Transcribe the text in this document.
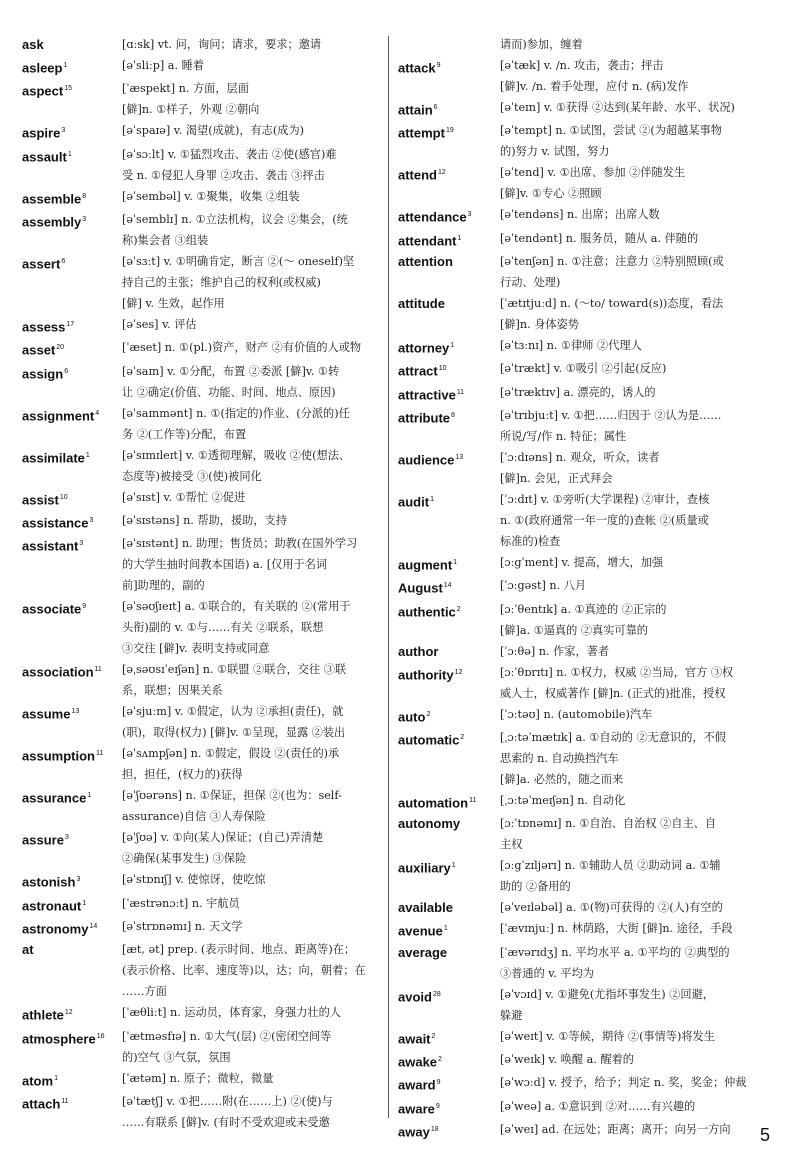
ask	[ɑːsk] vt. 问，询问；请求，要求；邀请
asleep$^1$	[əˈsliːp] a. 睡着
aspect$^{15}$	[ˈæspekt] n. 方面，层面
[僻]n. ①样子，外观 ②朝向
aspire$^3$	[əˈspaɪə] v. 渴望(成就)，有志(成为)
assault$^1$	[əˈsɔːlt] v. ①猛烈攻击、袭击 ②使(感官)难
受 n. ①侵犯人身罪 ②攻击、袭击 ③抨击
assemble$^8$	[əˈsembəl] v. ①聚集，收集 ②组装
assembly$^3$	[əˈsemblɪ] n. ①立法机构，议会 ②集会，(统
称)集会者 ③组装
assert$^6$	[əˈsɜːt] v. ①明确肯定，断言 ②(～ oneself)坚
持自己的主张；维护自己的权利(或权威)
[僻] v. 生效，起作用
assess$^{17}$	[əˈses] v. 评估
asset$^{20}$	[ˈæset] n. ①(pl.)资产，财产 ②有价值的人或物
assign$^6$	[əˈsaɪn] v. ①分配，布置 ②委派 [僻]v. ①转
让 ②确定(价值、功能、时间、地点、原因)
assignment$^4$	[əˈsaɪnmənt] n. ①(指定的)作业、(分派的)任
务 ②(工作等)分配，布置
assimilate$^1$	[əˈsɪmɪleɪt] v. ①透彻理解，吸收 ②使(想法、
态度等)被接受 ③(使)被同化
assist$^{10}$	[əˈsɪst] v. ①帮忙 ②促进
assistance$^3$	[əˈsɪstəns] n. 帮助，援助，支持
assistant$^3$	[əˈsɪstənt] n. 助理；售货员；助教(在国外学习
的大学生抽时间教本国语) a. [仅用于名词
前]助理的，副的
associate$^9$	[əˈsəʊʃɪeɪt] a. ①联合的，有关联的 ②(常用于
头衔)副的 v. ①与……有关 ②联系，联想
③交往 [僻]v. 表明支持或同意
association$^{11}$	[əˌsəʊsɪˈeɪʃən] n. ①联盟 ②联合，交往 ③联
系，联想；因果关系
assume$^{13}$	[əˈsjuːm] v. ①假定，认为 ②承担(责任)，就
(职)，取得(权力) [僻]v. ①呈现，显露 ②装出
assumption$^{11}$	[əˈsʌmpʃən] n. ①假定，假设 ②(责任的)承
担，担任，(权力的)获得
assurance$^1$	[əˈʃʊərəns] n. ①保证，担保 ②(也为：self-
assurance)自信 ③人寿保险
assure$^3$	[əˈʃʊə] v. ①向(某人)保证；(自己)弄清楚
②确保(某事发生) ③保险
astonish$^3$	[əˈstɒnɪʃ] v. 使惊讶，使吃惊
astronaut$^1$	[ˈæstrənɔːt] n. 宇航员
astronomy$^{14}$	[əˈstrɒnəmɪ] n. 天文学
at	[æt, ət] prep. (表示时间、地点、距离等)在；
(表示价格、比率、速度等)以，达；向，朝着；在
……方面
athlete$^{12}$	[ˈæθliːt] n. 运动员，体育家，身强力壮的人
atmosphere$^{16}$	[ˈætməsfɪə] n. ①大气(层) ②(密闭空间等
的)空气 ③气氛，氛围
atom$^1$	[ˈætəm] n. 原子；微粒，微量
attach$^{11}$	[əˈtætʃ] v. ①把……附(在……上) ②(使)与
……有联系 [僻]v. (有时不受欢迎或未受邀
请而)参加，缠着
attack$^9$	[əˈtæk] v. /n. 攻击，袭击；抨击
[僻]v. /n. 着手处理，应付 n. (病)发作
attain$^6$	[əˈteɪn] v. ①获得 ②达到(某年龄、水平、状况)
attempt$^{19}$	[əˈtempt] n. ①试图，尝试 ②(为超越某事物
的)努力 v. 试图，努力
attend$^{12}$	[əˈtend] v. ①出席、参加 ②伴随发生
[僻]v. ①专心 ②照顾
attendance$^3$	[əˈtendəns] n. 出席；出席人数
attendant$^1$	[əˈtendənt] n. 服务员，随从 a. 伴随的
attention	[əˈtenʃən] n. ①注意；注意力 ②特别照顾(或
行动、处理)
attitude	[ˈætɪtjuːd] n. (～to/ toward(s))态度，看法
[僻]n. 身体姿势
attorney$^1$	[əˈtɜːnɪ] n. ①律师 ②代理人
attract$^{10}$	[əˈtrækt] v. ①吸引 ②引起(反应)
attractive$^{11}$	[əˈtræktɪv] a. 漂亮的，诱人的
attribute$^8$	[əˈtrɪbjuːt] v. ①把……归因于 ②认为是……
所说/写/作 n. 特征；属性
audience$^{13}$	[ˈɔːdɪəns] n. 观众，听众，读者
[僻]n. 会见，正式拜会
audit$^1$	[ˈɔːdɪt] v. ①旁听(大学课程) ②审计，查核
n. ①(政府通常一年一度的)查帐 ②(质量或
标准的)检查
augment$^1$	[ɔːgˈment] v. 提高，增大，加强
August$^{14}$	[ˈɔːgəst] n. 八月
authentic$^2$	[ɔːˈθentɪk] a. ①真迹的 ②正宗的
[僻]a. ①逼真的 ②真实可靠的
author	[ˈɔːθə] n. 作家，著者
authority$^{12}$	[ɔːˈθɒrɪtɪ] n. ①权力，权威 ②当局，官方 ③权
威人士，权威著作 [僻]n. (正式的)批准，授权
auto$^2$	[ˈɔːtəʊ] n. (automobile)汽车
automatic$^2$	[ˌɔːtəˈmætɪk] a. ①自动的 ②无意识的，不假
思索的 n. 自动换挡汽车
[僻]a. 必然的，随之而来
automation$^{11}$	[ˌɔːtəˈmeɪʃən] n. 自动化
autonomy	[ɔːˈtɒnəmɪ] n. ①自治、自治权 ②自主、自
主权
auxiliary$^1$	[ɔːgˈzɪljərɪ] n. ①辅助人员 ②助动词 a. ①辅
助的 ②备用的
available	[əˈveɪləbəl] a. ①(物)可获得的 ②(人)有空的
avenue$^1$	[ˈævɪnjuː] n. 林荫路，大街 [僻]n. 途径，手段
average	[ˈævərɪdʒ] n. 平均水平 a. ①平均的 ②典型的
③普通的 v. 平均为
avoid$^{28}$	[əˈvɔɪd] v. ①避免(尤指坏事发生) ②回避，
躲避
await$^2$	[əˈweɪt] v. ①等候，期待 ②(事情等)将发生
awake$^2$	[əˈweɪk] v. 唤醒 a. 醒着的
award$^9$	[əˈwɔːd] v. 授予，给予；判定 n. 奖，奖金；仲裁
aware$^9$	[əˈweə] a. ①意识到 ②对……有兴趣的
away$^{18}$	[əˈweɪ] ad. 在远处；距离；离开；向另一方向	5
